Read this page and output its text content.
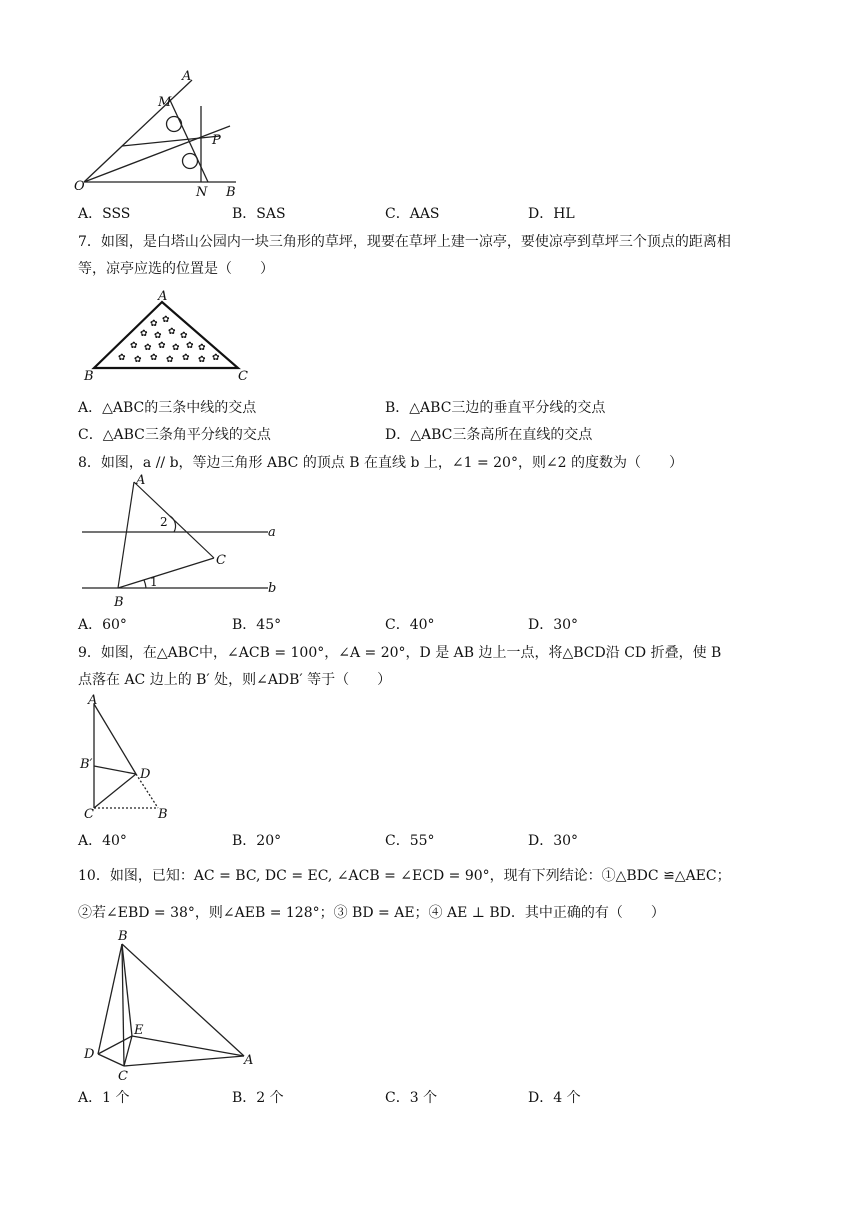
A
M
P
O	N B
A．SSS	B．SAS	C．AAS	D．HL
7．如图，是白塔山公园内一块三角形的草坪，现要在草坪上建一凉亭，要使凉亭到草坪三个顶点的距离相
等，凉亭应选的位置是（　　）
✿ ✿
✿ ✿ ✿ ✿
✿ ✿ ✿ ✿ ✿ ✿
✿ ✿ ✿ ✿ ✿ ✿ ✿
A
B	C
A．△ABC的三条中线的交点	B．△ABC三边的垂直平分线的交点
C．△ABC三条角平分线的交点	D．△ABC三条高所在直线的交点
8．如图，a // b，等边三角形 ABC 的顶点 B 在直线 b 上，∠1 = 20°，则∠2 的度数为（　　）
A
B
C
a
b
1
2
A．60°	B．45°	C．40°	D．30°
9．如图，在△ABC中，∠ACB = 100°，∠A = 20°，D 是 AB 边上一点，将△BCD沿 CD 折叠，使 B
点落在 AC 边上的 B′ 处，则∠ADB′ 等于（　　）
A
B′
D
C	B
A．40°	B．20°	C．55°	D．30°
10．如图，已知：AC = BC, DC = EC, ∠ACB = ∠ECD = 90°，现有下列结论：①△BDC ≌△AEC；
②若∠EBD = 38°，则∠AEB = 128°；③ BD = AE；④ AE ⊥ BD．其中正确的有（　　）
B
E
D
C
A
A．1 个	B．2 个	C．3 个	D．4 个
